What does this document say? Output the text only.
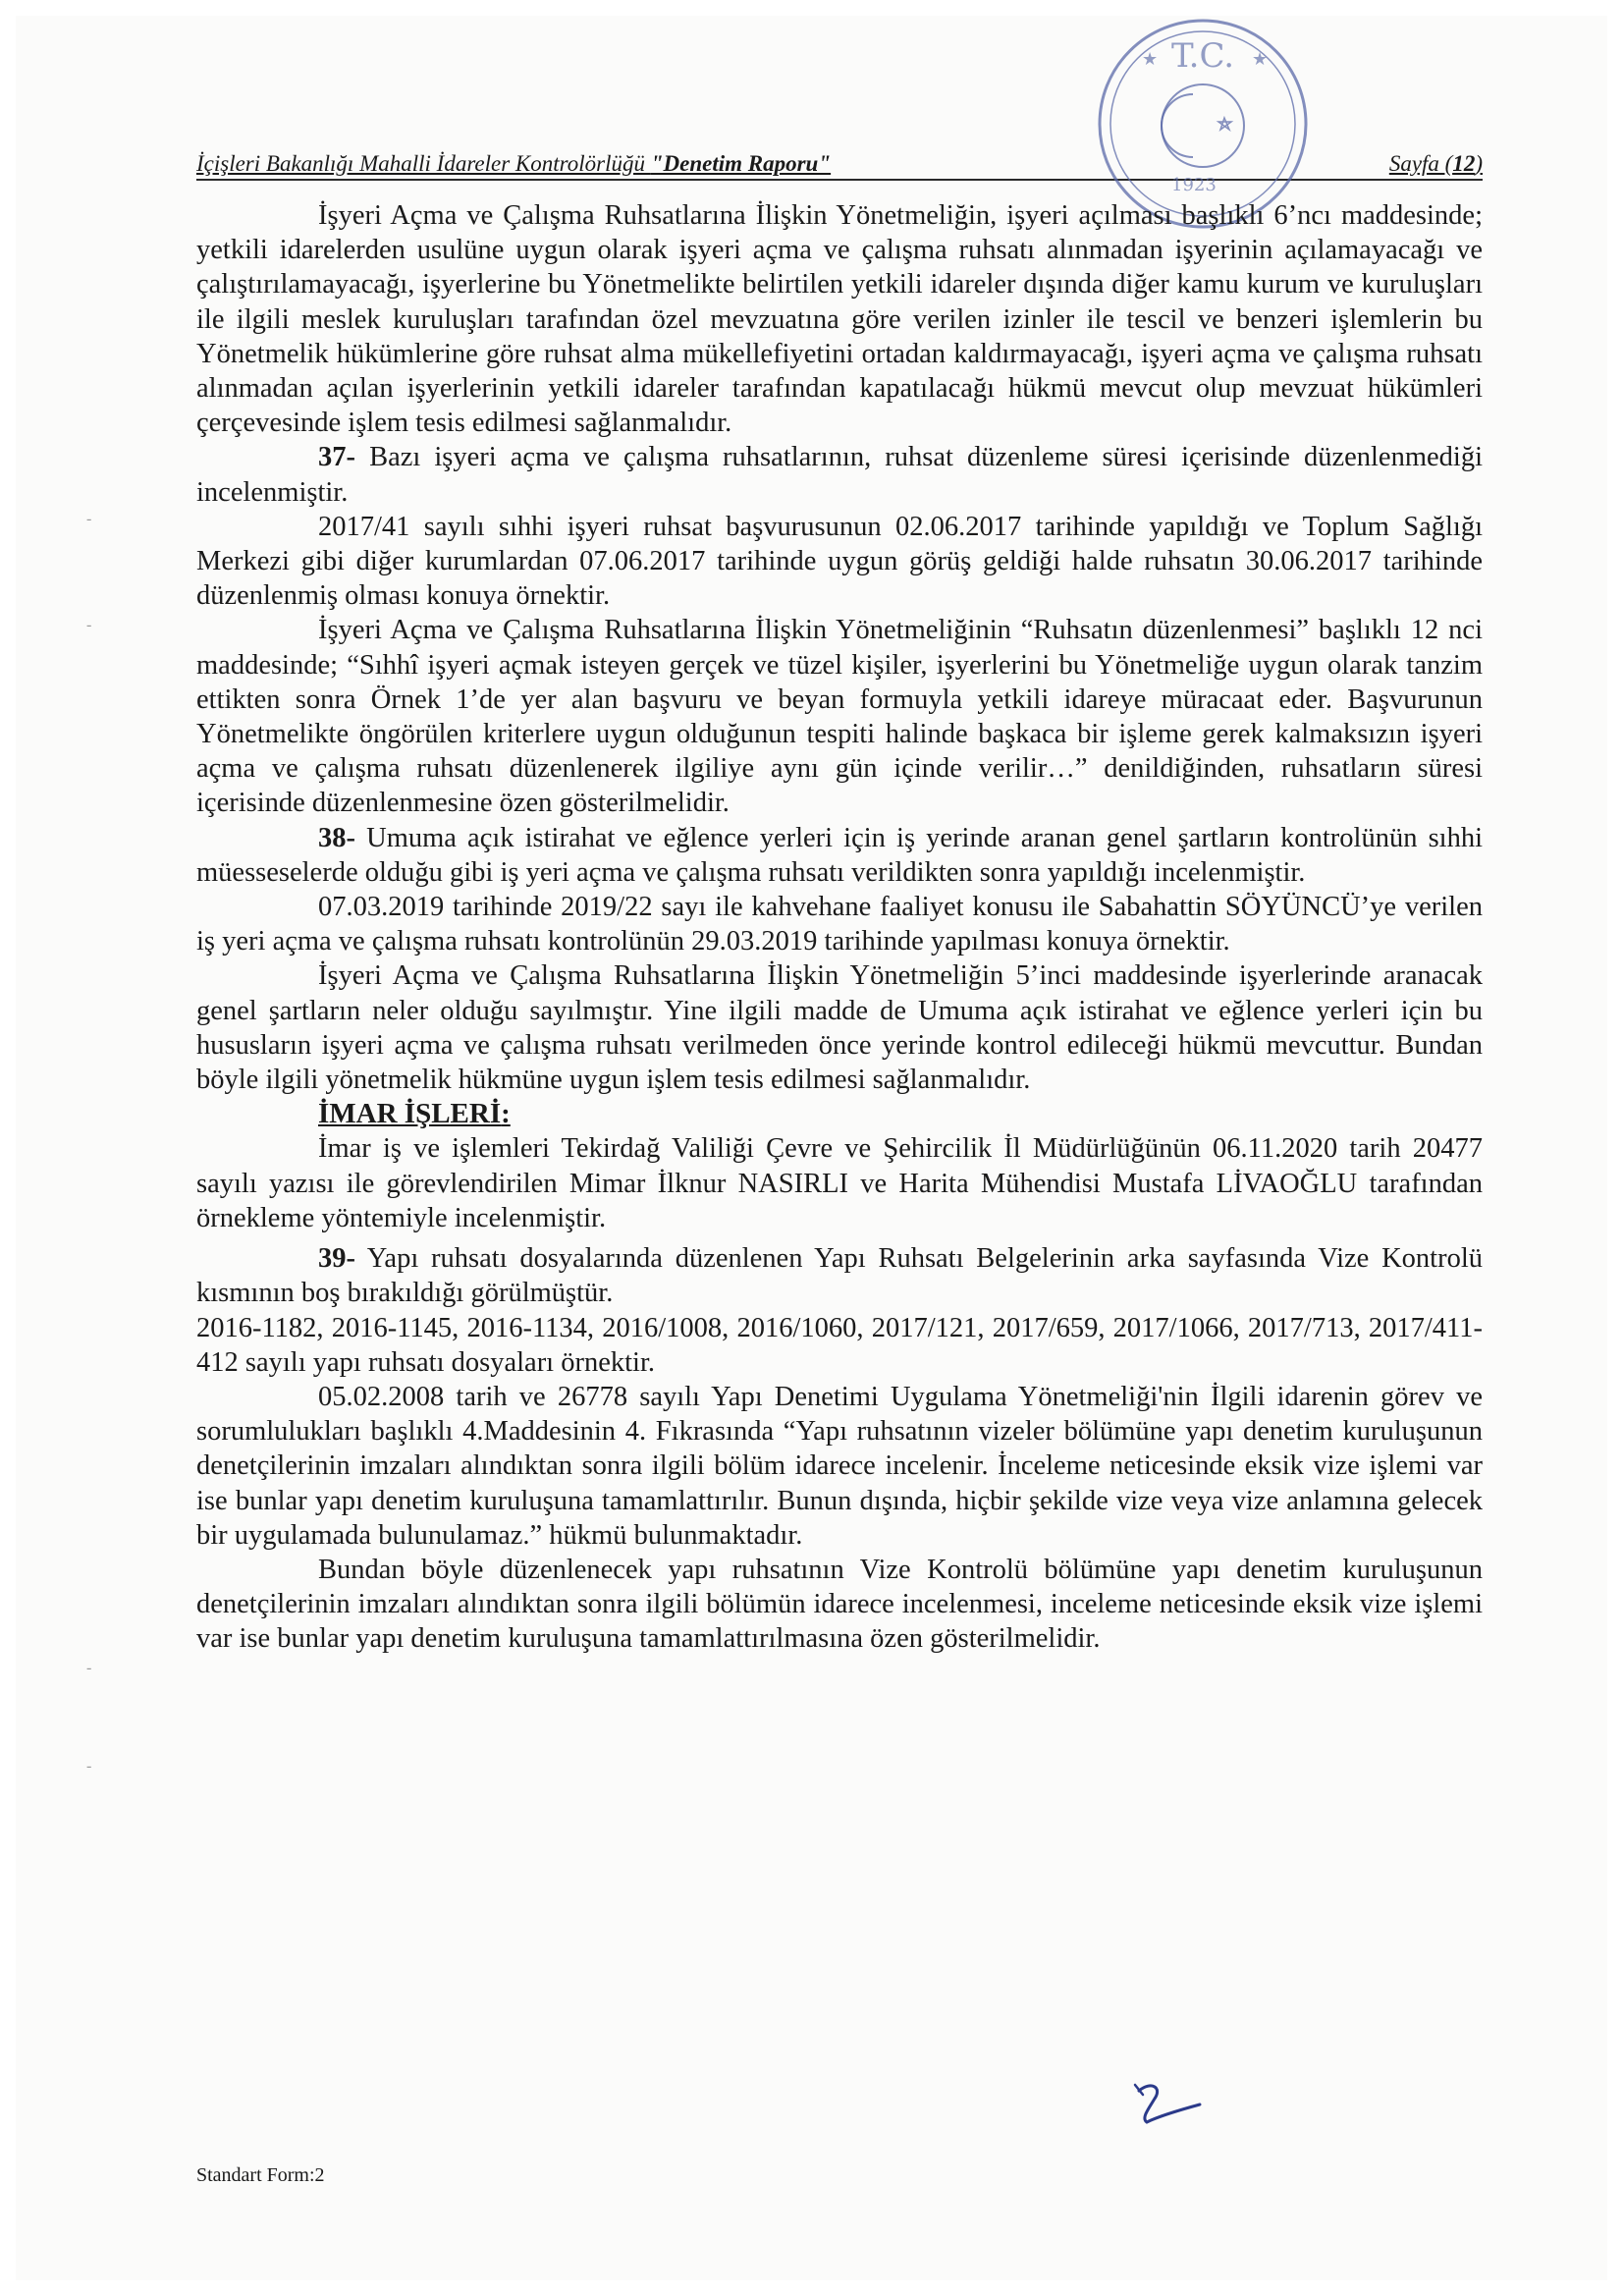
İçişleri Bakanlığı Mahalli İdareler Kontrolörlüğü "Denetim Raporu"	Sayfa (12)
T.C.
1923
★	★

İşyeri Açma ve Çalışma Ruhsatlarına İlişkin Yönetmeliğin, işyeri açılması başlıklı 6’ncı maddesinde; yetkili idarelerden usulüne uygun olarak işyeri açma ve çalışma ruhsatı alınmadan işyerinin açılamayacağı ve çalıştırılamayacağı, işyerlerine bu Yönetmelikte belirtilen yetkili idareler dışında diğer kamu kurum ve kuruluşları ile ilgili meslek kuruluşları tarafından özel mevzuatına göre verilen izinler ile tescil ve benzeri işlemlerin bu Yönetmelik hükümlerine göre ruhsat alma mükellefiyetini ortadan kaldırmayacağı, işyeri açma ve çalışma ruhsatı alınmadan açılan işyerlerinin yetkili idareler tarafından kapatılacağı hükmü mevcut olup mevzuat hükümleri çerçevesinde işlem tesis edilmesi sağlanmalıdır.

37- Bazı işyeri açma ve çalışma ruhsatlarının, ruhsat düzenleme süresi içerisinde düzenlenmediği incelenmiştir.

2017/41 sayılı sıhhi işyeri ruhsat başvurusunun 02.06.2017 tarihinde yapıldığı ve Toplum Sağlığı Merkezi gibi diğer kurumlardan 07.06.2017 tarihinde uygun görüş geldiği halde ruhsatın 30.06.2017 tarihinde düzenlenmiş olması konuya örnektir.

İşyeri Açma ve Çalışma Ruhsatlarına İlişkin Yönetmeliğinin “Ruhsatın düzenlenmesi” başlıklı 12 nci maddesinde; “Sıhhî işyeri açmak isteyen gerçek ve tüzel kişiler, işyerlerini bu Yönetmeliğe uygun olarak tanzim ettikten sonra Örnek 1’de yer alan başvuru ve beyan formuyla yetkili idareye müracaat eder. Başvurunun Yönetmelikte öngörülen kriterlere uygun olduğunun tespiti halinde başkaca bir işleme gerek kalmaksızın işyeri açma ve çalışma ruhsatı düzenlenerek ilgiliye aynı gün içinde verilir…” denildiğinden, ruhsatların süresi içerisinde düzenlenmesine özen gösterilmelidir.

38- Umuma açık istirahat ve eğlence yerleri için iş yerinde aranan genel şartların kontrolünün sıhhi müesseselerde olduğu gibi iş yeri açma ve çalışma ruhsatı verildikten sonra yapıldığı incelenmiştir.

07.03.2019 tarihinde 2019/22 sayı ile kahvehane faaliyet konusu ile Sabahattin SÖYÜNCÜ’ye verilen iş yeri açma ve çalışma ruhsatı kontrolünün 29.03.2019 tarihinde yapılması konuya örnektir.

İşyeri Açma ve Çalışma Ruhsatlarına İlişkin Yönetmeliğin 5’inci maddesinde işyerlerinde aranacak genel şartların neler olduğu sayılmıştır. Yine ilgili madde de Umuma açık istirahat ve eğlence yerleri için bu hususların işyeri açma ve çalışma ruhsatı verilmeden önce yerinde kontrol edileceği hükmü mevcuttur. Bundan böyle ilgili yönetmelik hükmüne uygun işlem tesis edilmesi sağlanmalıdır.

İMAR İŞLERİ:

İmar iş ve işlemleri Tekirdağ Valiliği Çevre ve Şehircilik İl Müdürlüğünün 06.11.2020 tarih 20477 sayılı yazısı ile görevlendirilen Mimar İlknur NASIRLI ve Harita Mühendisi Mustafa LİVAOĞLU tarafından örnekleme yöntemiyle incelenmiştir.

39- Yapı ruhsatı dosyalarında düzenlenen Yapı Ruhsatı Belgelerinin arka sayfasında Vize Kontrolü kısmının boş bırakıldığı görülmüştür.

2016-1182, 2016-1145, 2016-1134, 2016/1008, 2016/1060, 2017/121, 2017/659, 2017/1066, 2017/713, 2017/411-412 sayılı yapı ruhsatı dosyaları örnektir.

05.02.2008 tarih ve 26778 sayılı Yapı Denetimi Uygulama Yönetmeliği'nin İlgili idarenin görev ve sorumlulukları başlıklı 4.Maddesinin 4. Fıkrasında “Yapı ruhsatının vizeler bölümüne yapı denetim kuruluşunun denetçilerinin imzaları alındıktan sonra ilgili bölüm idarece incelenir. İnceleme neticesinde eksik vize işlemi var ise bunlar yapı denetim kuruluşuna tamamlattırılır. Bunun dışında, hiçbir şekilde vize veya vize anlamına gelecek bir uygulamada bulunulamaz.” hükmü bulunmaktadır.

Bundan böyle düzenlenecek yapı ruhsatının Vize Kontrolü bölümüne yapı denetim kuruluşunun denetçilerinin imzaları alındıktan sonra ilgili bölümün idarece incelenmesi, inceleme neticesinde eksik vize işlemi var ise bunlar yapı denetim kuruluşuna tamamlattırılmasına özen gösterilmelidir.

-
-
-
-
Standart Form:2
